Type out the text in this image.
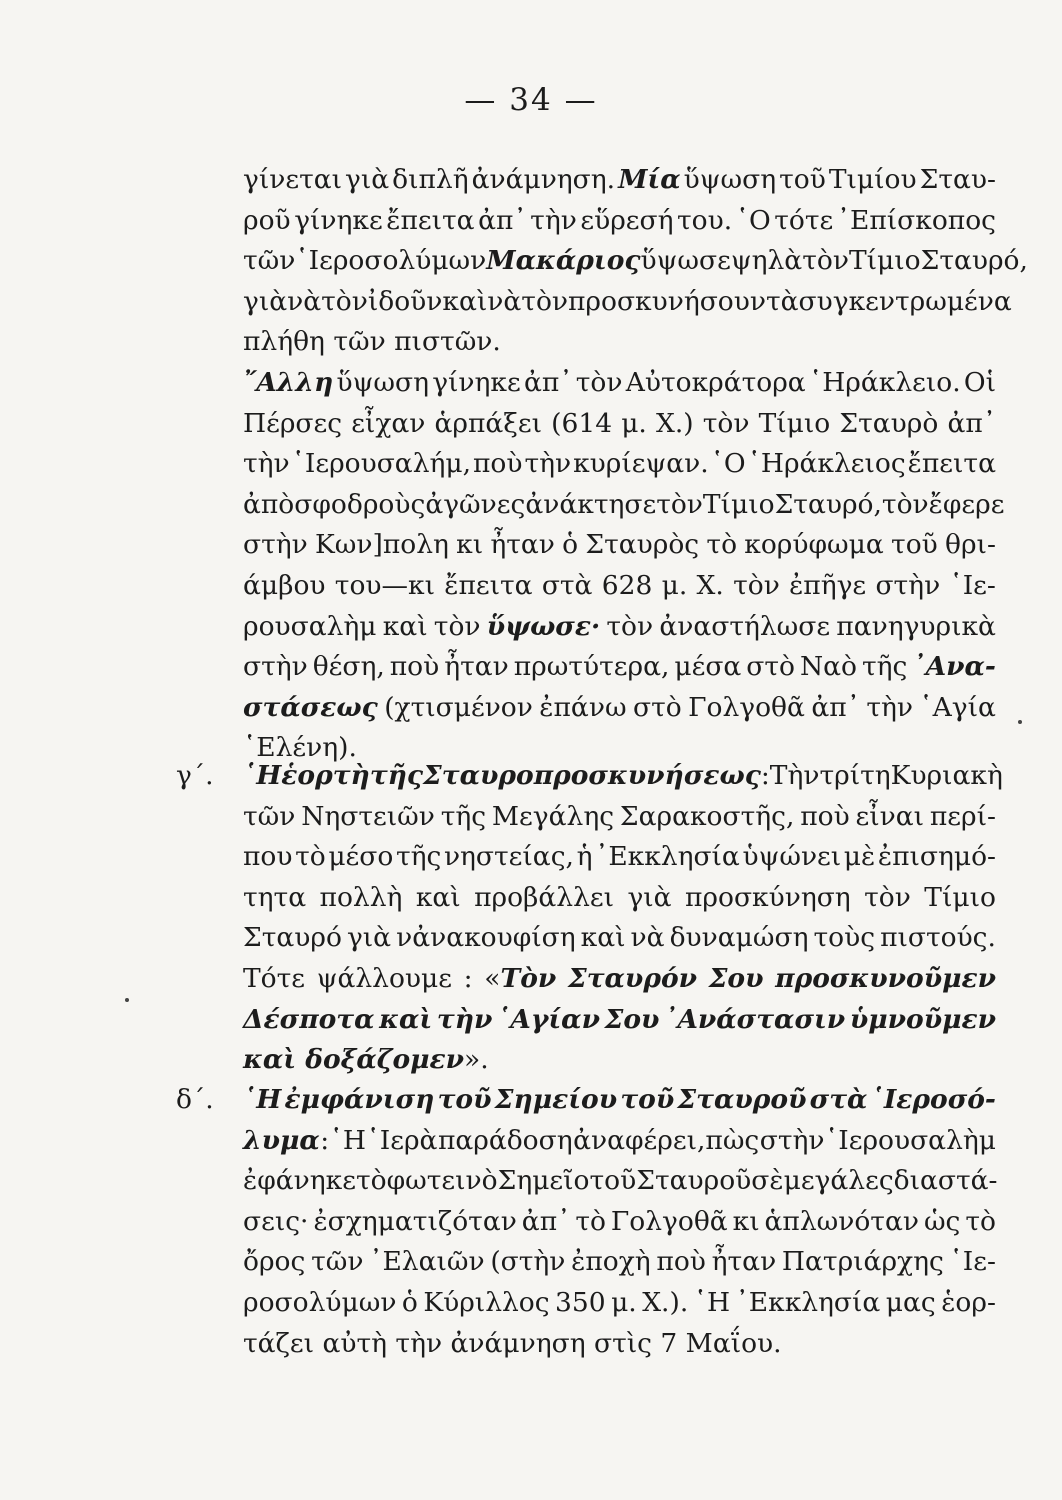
— 34 —
γίνεται γιὰ διπλῆ ἀνάμνηση. Μία ὕψωση τοῦ Τιμίου Σταυ-
ροῦ γίνηκε ἔπειτα ἀπ᾽ τὴν εὕρεσή του. ῾Ο τότε ᾽Επίσκοπος
τῶν ῾Ιεροσολύμων Μακάριος ὕψωσε ψηλὰ τὸν Τίμιο Σταυρό,
γιὰ νὰ τὸν ἰδοῦν καὶ νὰ τὸν προσκυνήσουν τὰ συγκεντρωμένα
πλήθη τῶν πιστῶν.
῎Αλλη ὕψωση γίνηκε ἀπ᾽ τὸν Αὐτοκράτορα ῾Ηράκλειο. Οἱ
Πέρσες εἶχαν ἁρπάξει (614 μ. Χ.) τὸν Τίμιο Σταυρὸ ἀπ᾽
τὴν ῾Ιερουσαλήμ, ποὺ τὴν κυρίεψαν. ῾Ο ῾Ηράκλειος ἔπειτα
ἀπὸ σφοδροὺς ἀγῶνες ἀνάκτησε τὸν Τίμιο Σταυρό,τὸν ἔφερε
στὴν Κων]πολη κι ἦταν ὁ Σταυρὸς τὸ κορύφωμα τοῦ θρι-
άμβου του—κι ἔπειτα στὰ 628 μ. Χ. τὸν ἐπῆγε στὴν ῾Ιε-
ρουσαλὴμ καὶ τὸν ὕψωσε· τὸν ἀναστήλωσε πανηγυρικὰ
στὴν θέση, ποὺ ἦταν πρωτύτερα, μέσα στὸ Ναὸ τῆς ᾽Ανα-
στάσεως (χτισμένον ἐπάνω στὸ Γολγοθᾶ ἀπ᾽ τὴν ῾Αγία
῾Ελένη).
γ΄. ῾Η ἑορτὴ τῆς Σταυροπροσκυνήσεως: Τὴν τρίτη Κυριακὴ
τῶν Νηστειῶν τῆς Μεγάλης Σαρακοστῆς, ποὺ εἶναι περί-
που τὸ μέσο τῆς νηστείας, ἡ ᾽Εκκλησία ὑψώνει μὲ ἐπισημό-
τητα πολλὴ καὶ προβάλλει γιὰ προσκύνηση τὸν Τίμιο
Σταυρό γιὰ νἀνακουφίση καὶ νὰ δυναμώση τοὺς πιστούς.
Τότε ψάλλουμε : «Τὸν Σταυρόν Σου προσκυνοῦμεν
Δέσποτα καὶ τὴν ῾Αγίαν Σου ᾽Ανάστασιν ὑμνοῦμεν
καὶ δοξάζομεν».
δ΄. ῾Η ἐμφάνιση τοῦ Σημείου τοῦ Σταυροῦ στὰ ῾Ιεροσό-
λυμα : ῾Η ῾Ιερὰ παράδοση ἀναφέρει,πὼς στὴν ῾Ιερουσαλὴμ
ἐφάνηκε τὸ φωτεινὸ Σημεῖο τοῦ Σταυροῦ σὲ μεγάλες διαστά-
σεις· ἐσχηματιζόταν ἀπ᾽ τὸ Γολγοθᾶ κι ἁπλωνόταν ὡς τὸ
ὄρος τῶν ᾽Ελαιῶν (στὴν ἐποχὴ ποὺ ἦταν Πατριάρχης ῾Ιε-
ροσολύμων ὁ Κύριλλος 350 μ. Χ.). ῾Η ᾽Εκκλησία μας ἑορ-
τάζει αὐτὴ τὴν ἀνάμνηση στὶς 7 Μαΐου.
